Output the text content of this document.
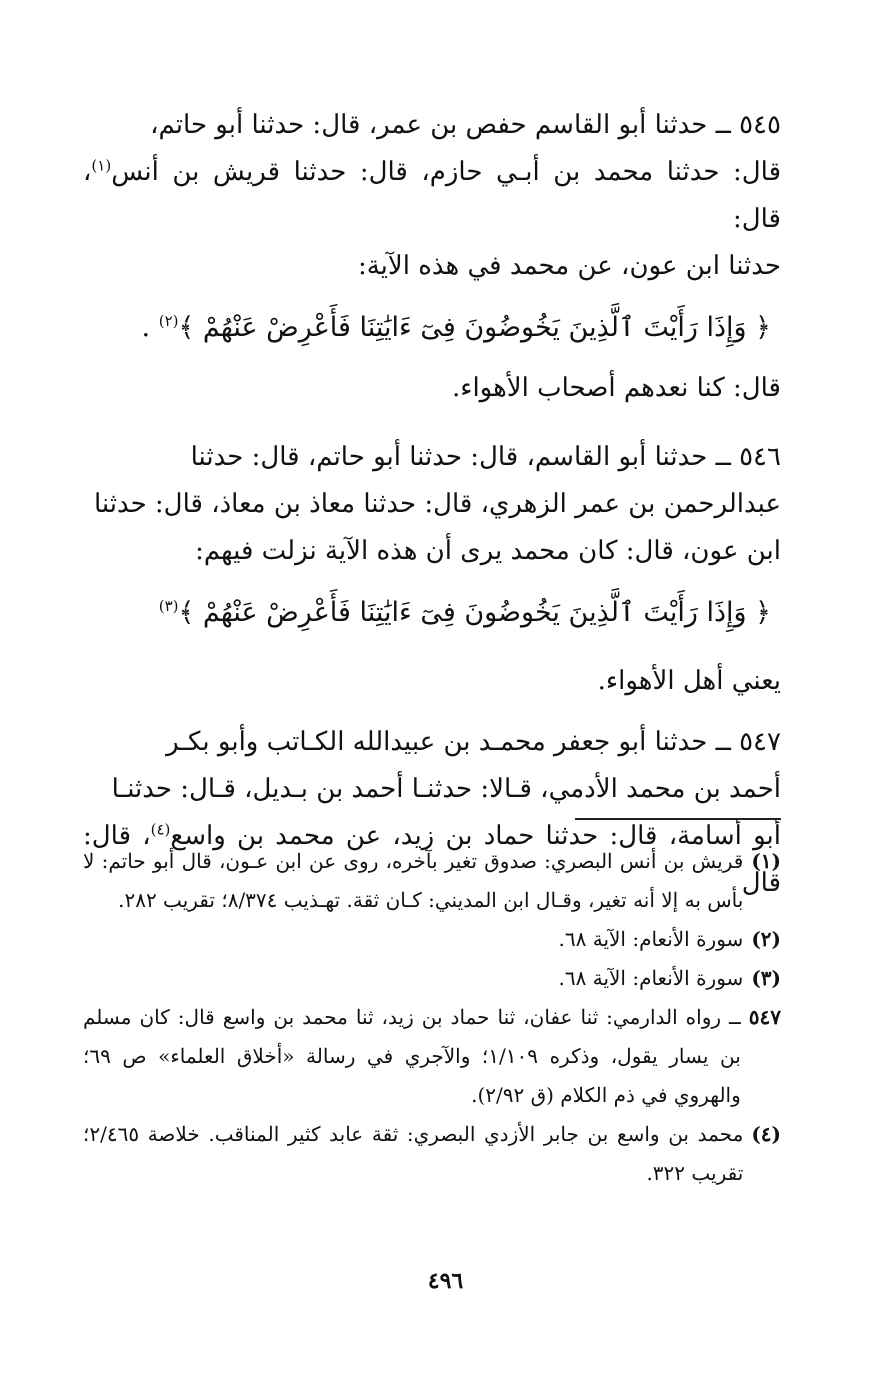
٥٤٥ ــ حدثنا أبو القاسم حفص بن عمر، قال: حدثنا أبو حاتم،

قال: حدثنا محمد بن أبـي حازم، قال: حدثنا قريش بن أنس$^{(١)}$، قال:

حدثنا ابن عون، عن محمد في هذه الآية:

﴿ وَإِذَا رَأَيْتَ ٱلَّذِينَ يَخُوضُونَ فِىٓ ءَايَٰتِنَا فَأَعْرِضْ عَنْهُمْ ﴾$^{(٢)}$ .

قال: كنا نعدهم أصحاب الأهواء.

٥٤٦ ــ حدثنا أبو القاسم، قال: حدثنا أبو حاتم، قال: حدثنا

عبدالرحمن بن عمر الزهري، قال: حدثنا معاذ بن معاذ، قال: حدثنا

ابن عون، قال: كان محمد يرى أن هذه الآية نزلت فيهم:

﴿ وَإِذَا رَأَيْتَ ٱلَّذِينَ يَخُوضُونَ فِىٓ ءَايَٰتِنَا فَأَعْرِضْ عَنْهُمْ ﴾$^{(٣)}$

يعني أهل الأهواء.

٥٤٧ ــ حدثنا أبو جعفر محمـد بن عبيدالله الكـاتب وأبو بكـر

أحمد بن محمد الأدمي، قـالا: حدثنـا أحمد بن بـديل، قـال: حدثنـا

أبو أسامة، قال: حدثنا حماد بن زيد، عن محمد بن واسع$^{(٤)}$، قال: قال

(١)
قريش بن أنس البصري: صدوق تغير بآخره، روى عن ابن عـون، قال أبو حاتم: لا بأس به إلا أنه تغير، وقـال ابن المديني: كـان ثقة. تهـذيب ٨/٣٧٤؛ تقريب ٢٨٢.
(٢)
سورة الأنعام: الآية ٦٨.
(٣)
سورة الأنعام: الآية ٦٨.
٥٤٧
ــ رواه الدارمي: ثنا عفان، ثنا حماد بن زيد، ثنا محمد بن واسع قال: كان مسلم بن يسار يقول، وذكره ١/١٠٩؛ والآجري في رسالة «أخلاق العلماء» ص ٦٩؛ والهروي في ذم الكلام (ق ٢/٩٢).
(٤)
محمد بن واسع بن جابر الأزدي البصري: ثقة عابد كثير المناقب. خلاصة ٢/٤٦٥؛ تقريب ٣٢٢.
٤٩٦
